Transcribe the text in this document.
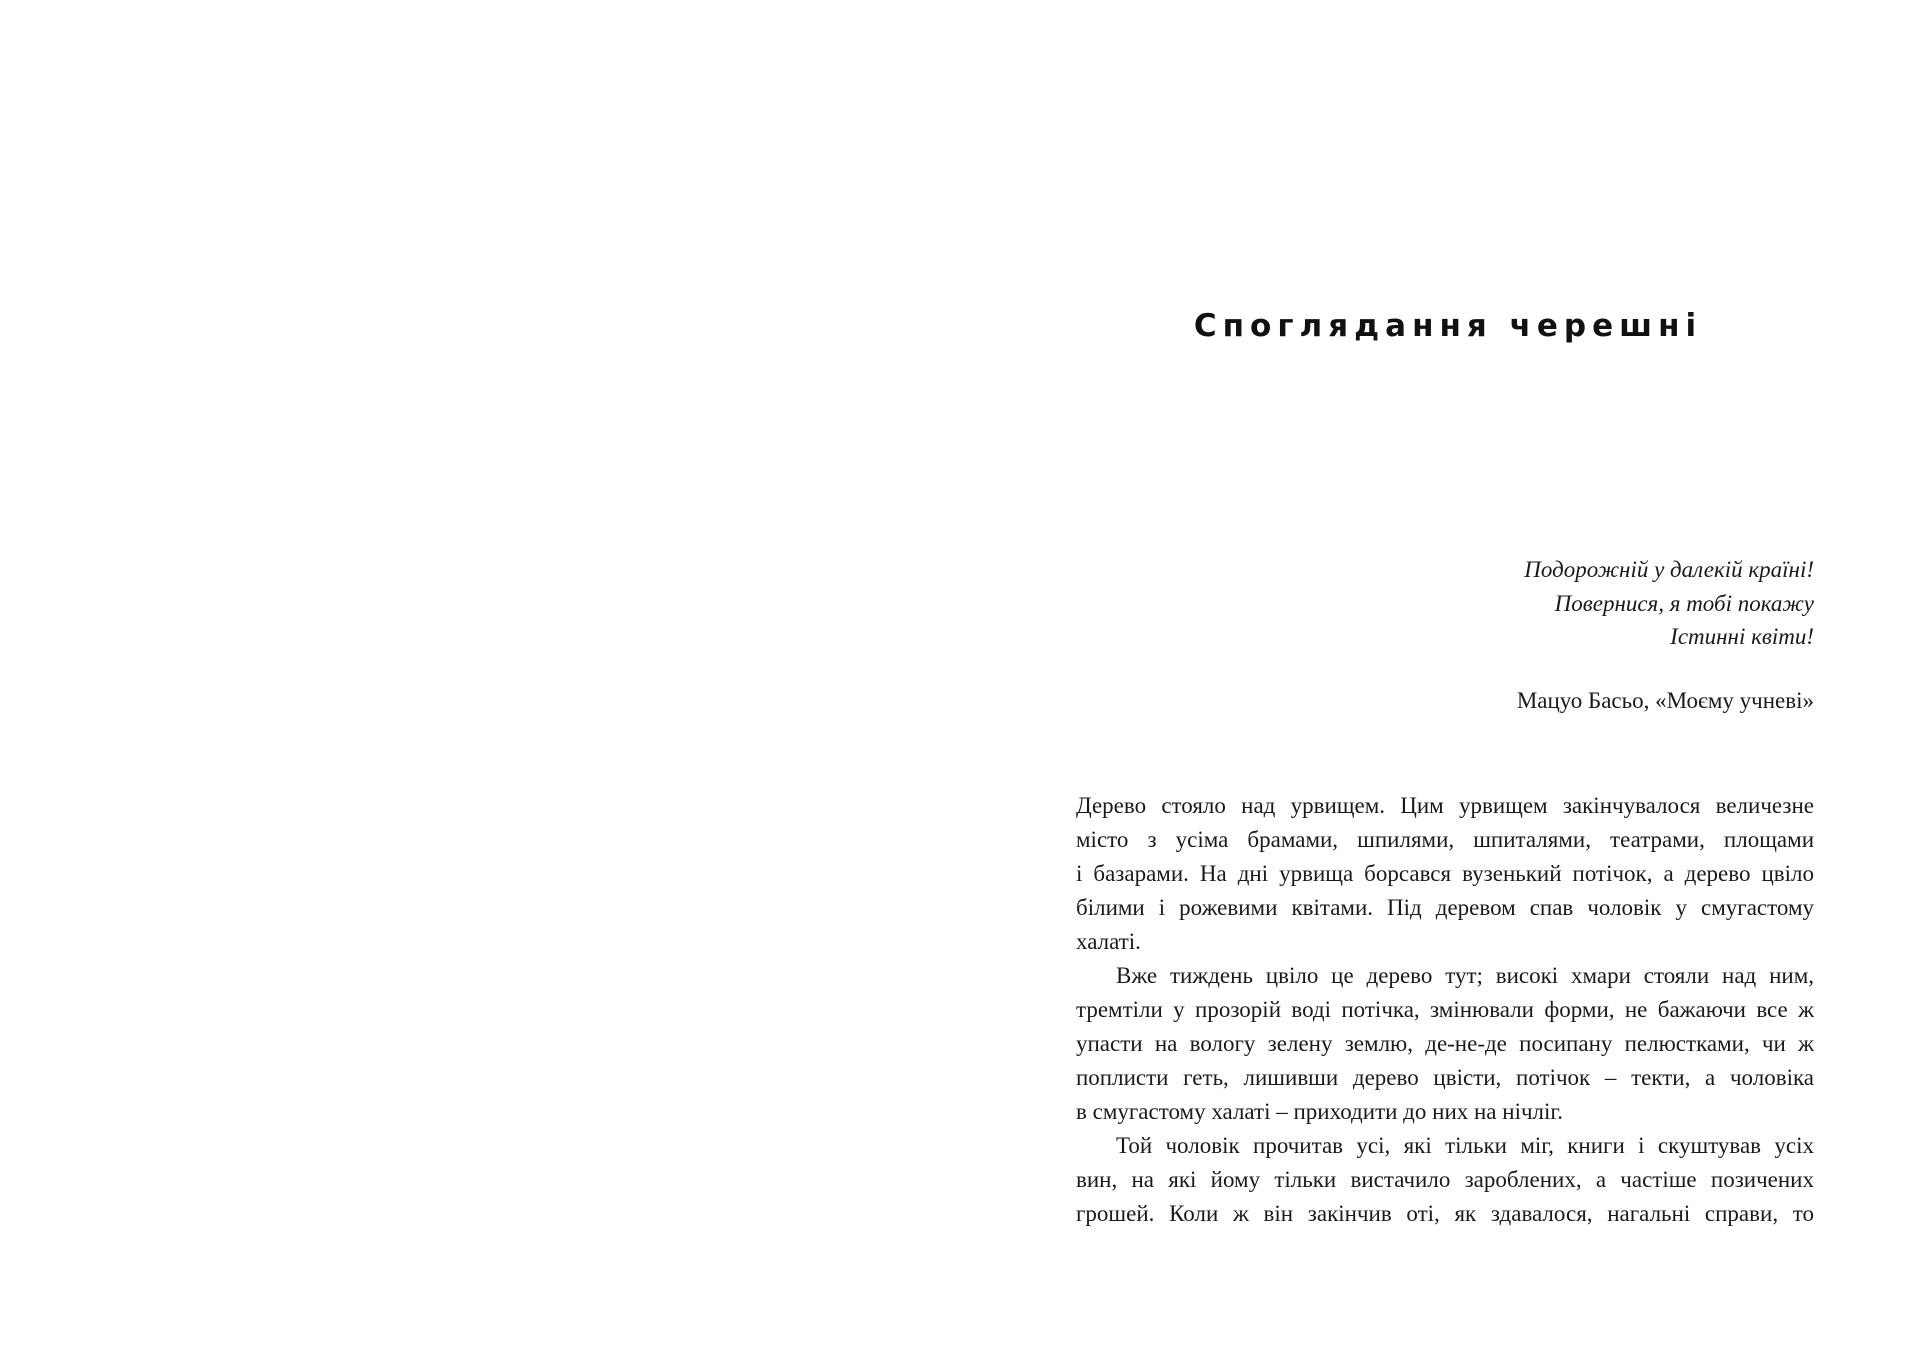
Споглядання черешні
Подорожній у далекій країні!
Повернися, я тобі покажу
Істинні квіти!
Мацуо Басьо, «Моєму учневі»
Дерево стояло над урвищем. Цим урвищем закінчувалося величезне
місто з усіма брамами, шпилями, шпиталями, театрами, площами
і базарами. На дні урвища борсався вузенький потічок, а дерево цвіло
білими і рожевими квітами. Під деревом спав чоловік у смугастому
халаті.
Вже тиждень цвіло це дерево тут; високі хмари стояли над ним,
тремтіли у прозорій воді потічка, змінювали форми, не бажаючи все ж
упасти на вологу зелену землю, де-не-де посипану пелюстками, чи ж
поплисти геть, лишивши дерево цвісти, потічок – текти, а чоловіка
в смугастому халаті – приходити до них на нічліг.
Той чоловік прочитав усі, які тільки міг, книги і скуштував усіх
вин, на які йому тільки вистачило зароблених, а частіше позичених
грошей. Коли ж він закінчив оті, як здавалося, нагальні справи, то
